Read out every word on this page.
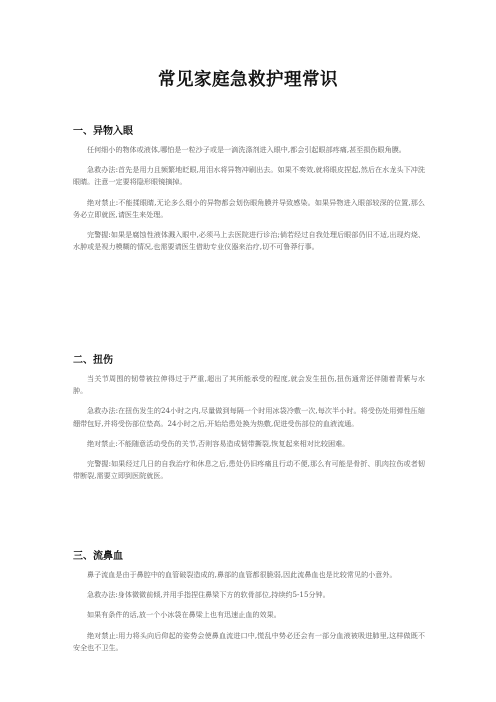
常见家庭急救护理常识
一、异物入眼

任何细小的物体或液体,哪怕是一粒沙子或是一滴洗涤剂进入眼中,都会引起眼部疼痛,甚至损伤眼角膜。

急救办法:首先是用力且频繁地眨眼,用泪水将异物冲刷出去。如果不奏效,就将眼皮捏起,然后在水龙头下冲洗眼睛。注意一定要将隐形眼镜摘掉。

绝对禁止:不能揉眼睛,无论多么细小的异物都会划伤眼角膜并导致感染。如果异物进入眼部较深的位置,那么务必立即就医,请医生来处理。

完警握:如果是腐蚀性液体溅入眼中,必须马上去医院进行诊治;倘若经过自我处理后眼部仍旧不适,出现灼烧、水肿或是视力模糊的情况,也需要请医生借助专业仪器来治疗,切不可鲁莽行事。

二、扭伤

当关节周围的韧带被拉伸得过于严重,超出了其所能承受的程度,就会发生扭伤,扭伤通常还伴随着青紫与水肿。

急救办法:在扭伤发生的24小时之内,尽量做到每隔一个时用冰袋冷敷一次,每次半小时。将受伤处用弹性压缩绷带包好,并将受伤部位垫高。24小时之后,开始给患处换为热敷,促进受伤部位的血液流通。

绝对禁止:不能随意活动受伤的关节,否则容易造成韧带撕裂,恢复起来相对比较困难。

完警握:如果经过几日的自我治疗和休息之后,患处仍旧疼痛且行动不便,那么有可能是骨折、肌肉拉伤或者韧带断裂,需要立即到医院就医。

三、流鼻血

鼻子流血是由于鼻腔中的血管破裂造成的,鼻部的血管都很脆弱,因此流鼻血也是比较常见的小意外。

急救办法:身体微微前倾,并用手指捏住鼻梁下方的软骨部位,持续约5-15分钟。

如果有条件的话,放一个小冰袋在鼻梁上也有迅速止血的效果。

绝对禁止:用力将头向后仰起的姿势会使鼻血流进口中,慌乱中势必还会有一部分血液被吸进肺里,这样做既不安全也不卫生。
